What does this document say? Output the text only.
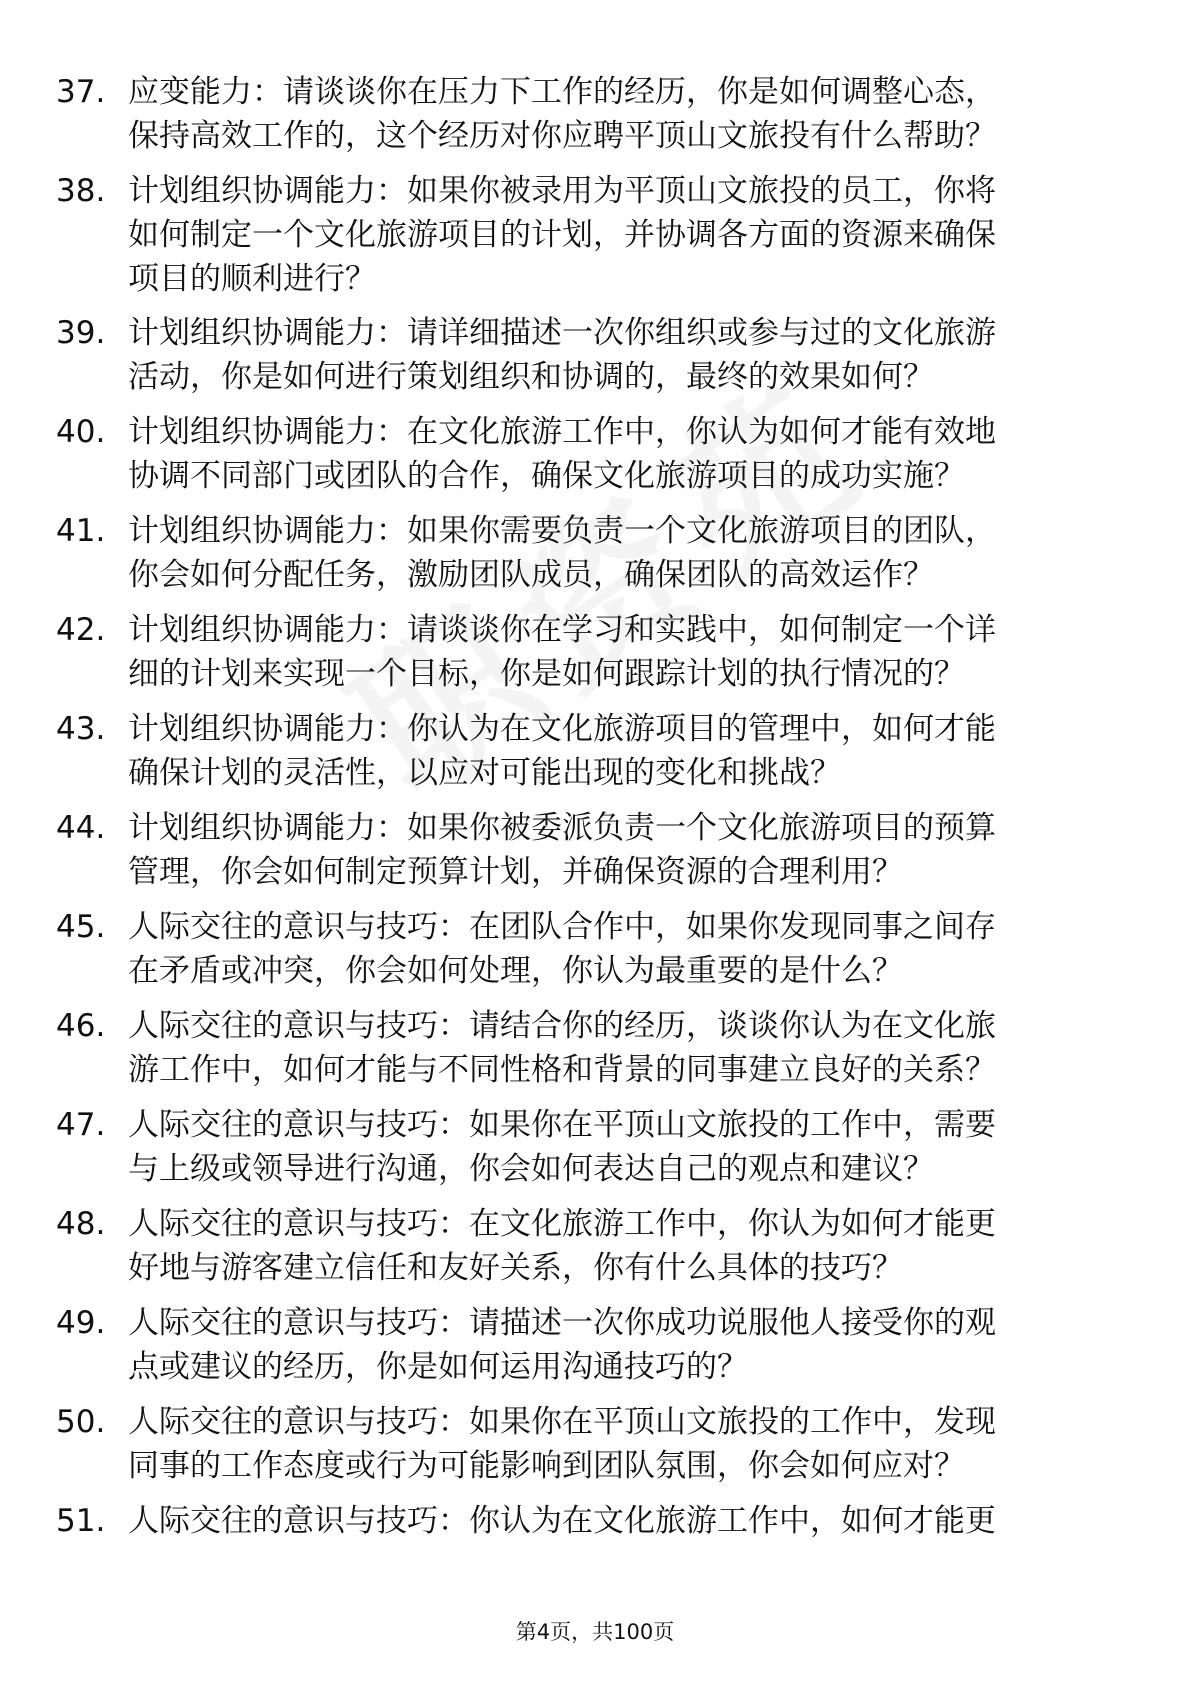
37. 应变能力：请谈谈你在压力下工作的经历，你是如何调整心态，
保持高效工作的，这个经历对你应聘平顶山文旅投有什么帮助？
38. 计划组织协调能力：如果你被录用为平顶山文旅投的员工，你将
如何制定一个文化旅游项目的计划，并协调各方面的资源来确保
项目的顺利进行？
39. 计划组织协调能力：请详细描述一次你组织或参与过的文化旅游
活动，你是如何进行策划组织和协调的，最终的效果如何？
40. 计划组织协调能力：在文化旅游工作中，你认为如何才能有效地
协调不同部门或团队的合作，确保文化旅游项目的成功实施？
41. 计划组织协调能力：如果你需要负责一个文化旅游项目的团队，
你会如何分配任务，激励团队成员，确保团队的高效运作？
42. 计划组织协调能力：请谈谈你在学习和实践中，如何制定一个详
细的计划来实现一个目标，你是如何跟踪计划的执行情况的？
43. 计划组织协调能力：你认为在文化旅游项目的管理中，如何才能
确保计划的灵活性，以应对可能出现的变化和挑战？
44. 计划组织协调能力：如果你被委派负责一个文化旅游项目的预算
管理，你会如何制定预算计划，并确保资源的合理利用？
45. 人际交往的意识与技巧：在团队合作中，如果你发现同事之间存
在矛盾或冲突，你会如何处理，你认为最重要的是什么？
46. 人际交往的意识与技巧：请结合你的经历，谈谈你认为在文化旅
游工作中，如何才能与不同性格和背景的同事建立良好的关系？
47. 人际交往的意识与技巧：如果你在平顶山文旅投的工作中，需要
与上级或领导进行沟通，你会如何表达自己的观点和建议？
48. 人际交往的意识与技巧：在文化旅游工作中，你认为如何才能更
好地与游客建立信任和友好关系，你有什么具体的技巧？
49. 人际交往的意识与技巧：请描述一次你成功说服他人接受你的观
点或建议的经历，你是如何运用沟通技巧的？
50. 人际交往的意识与技巧：如果你在平顶山文旅投的工作中，发现
同事的工作态度或行为可能影响到团队氛围，你会如何应对？
51. 人际交往的意识与技巧：你认为在文化旅游工作中，如何才能更
第4页，共100页
